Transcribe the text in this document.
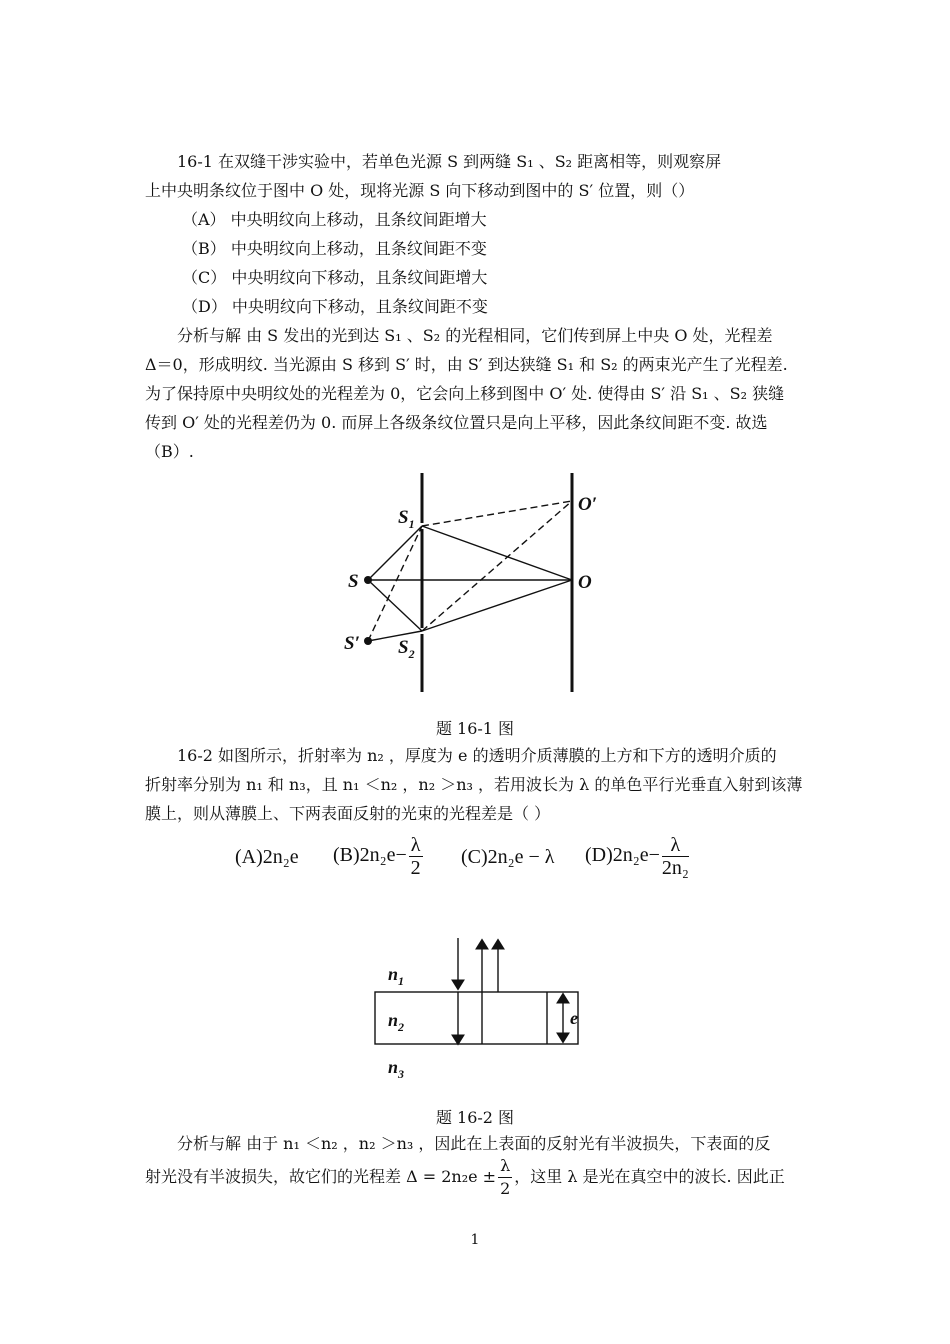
16-1 在双缝干涉实验中，若单色光源 S 到两缝 S₁ 、S₂ 距离相等，则观察屏
上中央明条纹位于图中 O 处，现将光源 S 向下移动到图中的 S′ 位置，则（）
（A） 中央明纹向上移动，且条纹间距增大
（B） 中央明纹向上移动，且条纹间距不变
（C） 中央明纹向下移动，且条纹间距增大
（D） 中央明纹向下移动，且条纹间距不变
分析与解 由 S 发出的光到达 S₁ 、S₂ 的光程相同，它们传到屏上中央 O 处，光程差
Δ＝0，形成明纹. 当光源由 S 移到 S′ 时，由 S′ 到达狭缝 S₁ 和 S₂ 的两束光产生了光程差.
为了保持原中央明纹处的光程差为 0，它会向上移到图中 O′ 处. 使得由 S′ 沿 S₁ 、S₂ 狭缝
传到 O′ 处的光程差仍为 0. 而屏上各级条纹位置只是向上平移，因此条纹间距不变. 故选
（B）.
$S_1$
$S_2$
S
S′
O
O′
题 16-1 图
16-2 如图所示，折射率为 n₂ ，厚度为 e 的透明介质薄膜的上方和下方的透明介质的
折射率分别为 n₁ 和 n₃，且 n₁ ＜n₂ ，n₂ ＞n₃ ，若用波长为 λ 的单色平行光垂直入射到该薄
膜上，则从薄膜上、下两表面反射的光束的光程差是（ ）
(A)2n₂e $(B)2n_2e- \frac{\lambda}{2} (C)2n_2e - \lambda$ $(D)2n_2e- \frac{\lambda}{\text{2n₂}}$
$n_1$
$n_2$
$n_3$
e
题 16-2 图
分析与解 由于 n₁ ＜n₂ ，n₂ ＞n₃ ，因此在上表面的反射光有半波损失，下表面的反
射光没有半波损失，故它们的光程差 $\Delta = 2n_2e \pm \frac{\lambda}{2}$ ，这里 λ 是光在真空中的波长. 因此正
1
